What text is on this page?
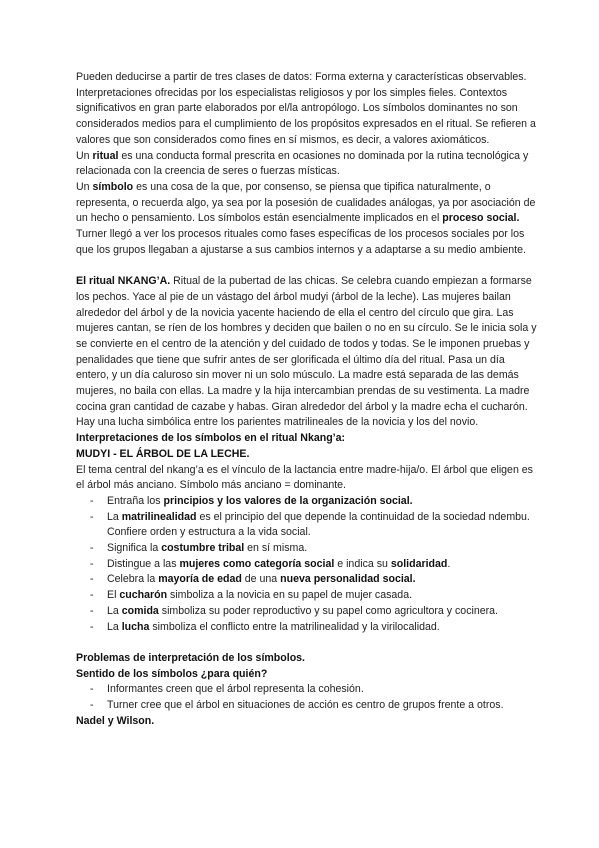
Pueden deducirse a partir de tres clases de datos: Forma externa y características observables. Interpretaciones ofrecidas por los especialistas religiosos y por los simples fieles. Contextos significativos en gran parte elaborados por el/la antropólogo. Los símbolos dominantes no son considerados medios para el cumplimiento de los propósitos expresados en el ritual. Se refieren a valores que son considerados como fines en sí mismos, es decir, a valores axiomáticos.

Un ritual es una conducta formal prescrita en ocasiones no dominada por la rutina tecnológica y relacionada con la creencia de seres o fuerzas místicas.

Un símbolo es una cosa de la que, por consenso, se piensa que tipifica naturalmente, o representa, o recuerda algo, ya sea por la posesión de cualidades análogas, ya por asociación de un hecho o pensamiento. Los símbolos están esencialmente implicados en el proceso social. Turner llegó a ver los procesos rituales como fases específicas de los procesos sociales por los que los grupos llegaban a ajustarse a sus cambios internos y a adaptarse a su medio ambiente.

El ritual NKANG’A. Ritual de la pubertad de las chicas. Se celebra cuando empiezan a formarse los pechos. Yace al pie de un vástago del árbol mudyi (árbol de la leche). Las mujeres bailan alrededor del árbol y de la novicia yacente haciendo de ella el centro del círculo que gira. Las mujeres cantan, se ríen de los hombres y deciden que bailen o no en su círculo. Se le inicia sola y se convierte en el centro de la atención y del cuidado de todos y todas. Se le imponen pruebas y penalidades que tiene que sufrir antes de ser glorificada el último día del ritual. Pasa un día entero, y un día caluroso sin mover ni un solo músculo. La madre está separada de las demás mujeres, no baila con ellas. La madre y la hija intercambian prendas de su vestimenta. La madre cocina gran cantidad de cazabe y habas. Giran alrededor del árbol y la madre echa el cucharón. Hay una lucha simbólica entre los parientes matrilineales de la novicia y los del novio.

Interpretaciones de los símbolos en el ritual Nkang’a:

MUDYI - EL ÁRBOL DE LA LECHE.

El tema central del nkang’a es el vínculo de la lactancia entre madre-hija/o. El árbol que eligen es el árbol más anciano. Símbolo más anciano = dominante.

- Entraña los principios y los valores de la organización social.
- La matrilinealidad es el principio del que depende la continuidad de la sociedad ndembu. Confiere orden y estructura a la vida social.
- Significa la costumbre tribal en sí misma.
- Distingue a las mujeres como categoría social e indica su solidaridad.
- Celebra la mayoría de edad de una nueva personalidad social.
- El cucharón simboliza a la novicia en su papel de mujer casada.
- La comida simboliza su poder reproductivo y su papel como agricultora y cocinera.
- La lucha simboliza el conflicto entre la matrilinealidad y la virilocalidad.

Problemas de interpretación de los símbolos.

Sentido de los símbolos ¿para quién?

- Informantes creen que el árbol representa la cohesión.
- Turner cree que el árbol en situaciones de acción es centro de grupos frente a otros.

Nadel y Wilson.
